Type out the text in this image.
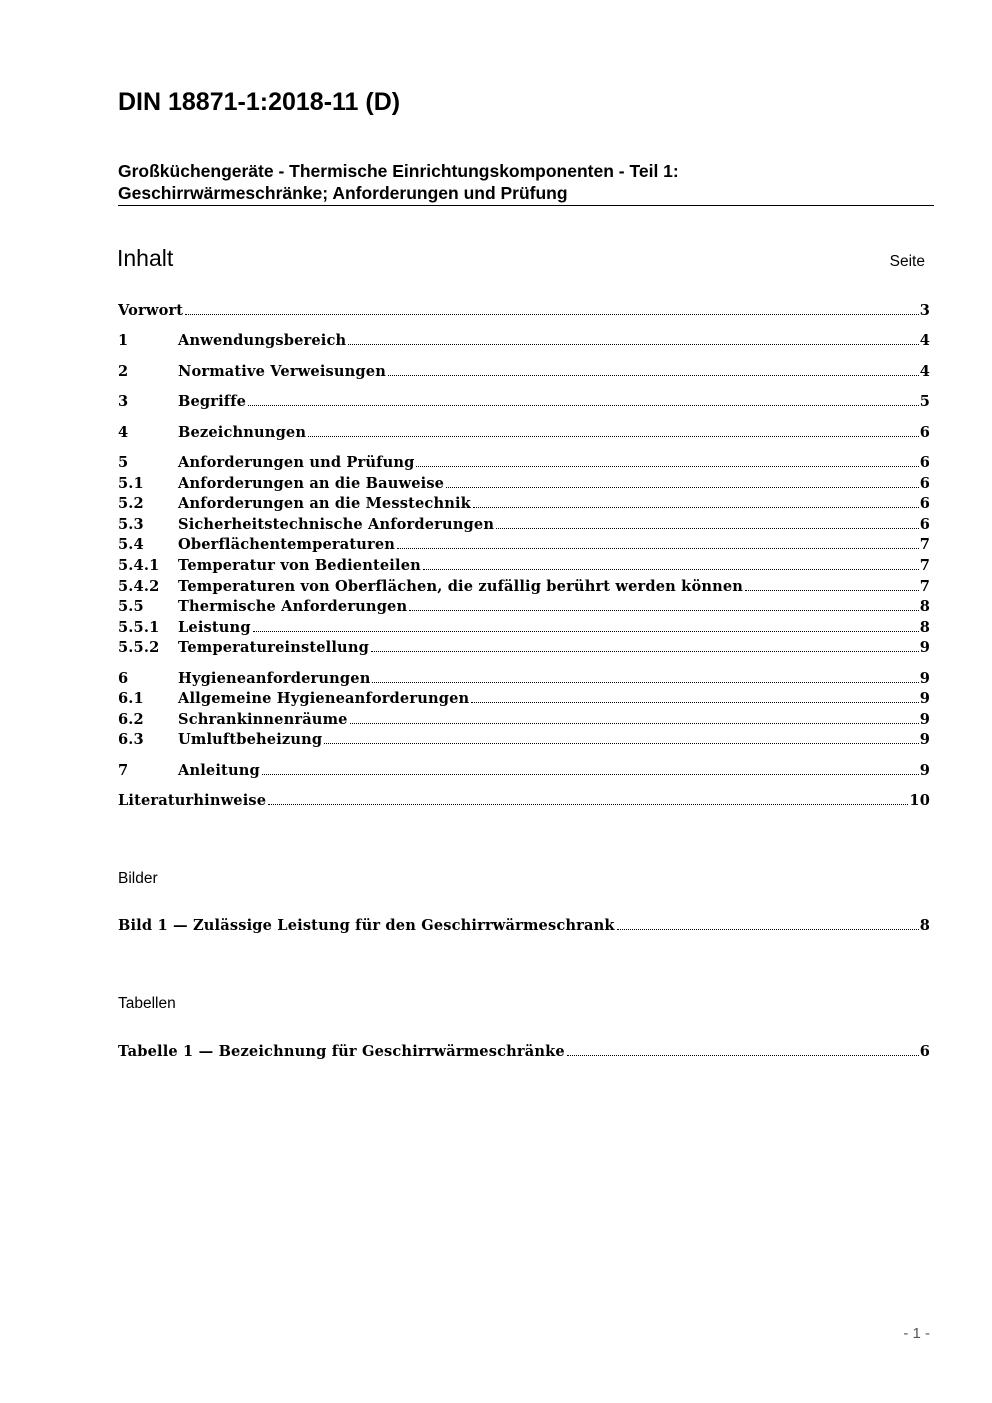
DIN 18871-1:2018-11 (D)
Großküchengeräte - Thermische Einrichtungskomponenten - Teil 1:
Geschirrwärmeschränke; Anforderungen und Prüfung
Inhalt	Seite
Vorwort	3
1	Anwendungsbereich	4
2	Normative Verweisungen	4
3	Begriffe	5
4	Bezeichnungen	6
5	Anforderungen und Prüfung	6
5.1	Anforderungen an die Bauweise	6
5.2	Anforderungen an die Messtechnik	6
5.3	Sicherheitstechnische Anforderungen	6
5.4	Oberflächentemperaturen	7
5.4.1	Temperatur von Bedienteilen	7
5.4.2	Temperaturen von Oberflächen, die zufällig berührt werden können	7
5.5	Thermische Anforderungen	8
5.5.1	Leistung	8
5.5.2	Temperatureinstellung	9
6	Hygieneanforderungen	9
6.1	Allgemeine Hygieneanforderungen	9
6.2	Schrankinnenräume	9
6.3	Umluftbeheizung	9
7	Anleitung	9
Literaturhinweise	10
Bilder
Bild 1 — Zulässige Leistung für den Geschirrwärmeschrank	8
Tabellen
Tabelle 1 — Bezeichnung für Geschirrwärmeschränke	6
- 1 -
